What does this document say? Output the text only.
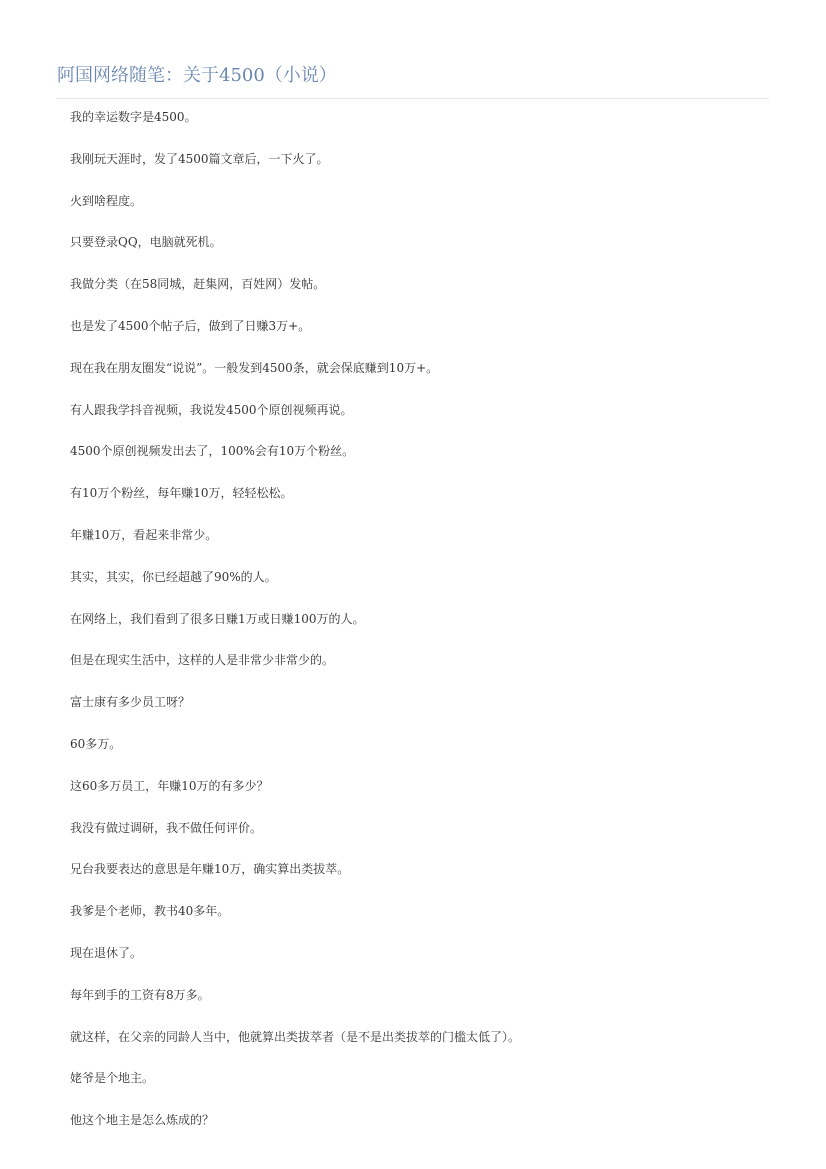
阿国网络随笔：关于4500（小说）

我的幸运数字是4500。

我刚玩天涯时，发了4500篇文章后，一下火了。

火到啥程度。

只要登录QQ，电脑就死机。

我做分类（在58同城，赶集网，百姓网）发帖。

也是发了4500个帖子后，做到了日赚3万+。

现在我在朋友圈发“说说”。一般发到4500条，就会保底赚到10万+。

有人跟我学抖音视频，我说发4500个原创视频再说。

4500个原创视频发出去了，100%会有10万个粉丝。

有10万个粉丝，每年赚10万，轻轻松松。

年赚10万，看起来非常少。

其实，其实，你已经超越了90%的人。

在网络上，我们看到了很多日赚1万或日赚100万的人。

但是在现实生活中，这样的人是非常少非常少的。

富士康有多少员工呀？

60多万。

这60多万员工，年赚10万的有多少？

我没有做过调研，我不做任何评价。

兄台我要表达的意思是年赚10万，确实算出类拔萃。

我爹是个老师，教书40多年。

现在退休了。

每年到手的工资有8万多。

就这样，在父亲的同龄人当中，他就算出类拔萃者（是不是出类拔萃的门槛太低了）。

姥爷是个地主。

他这个地主是怎么炼成的？
